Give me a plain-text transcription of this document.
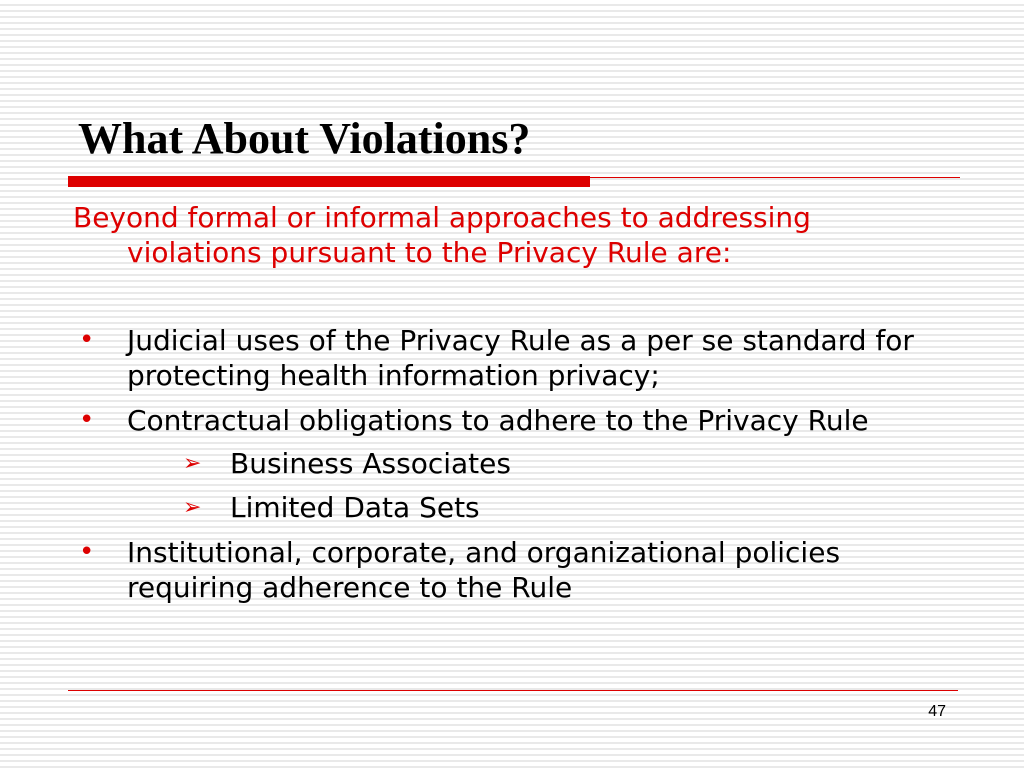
What About Violations?

Beyond formal or informal approaches to addressing violations pursuant to the Privacy Rule are:

• Judicial uses of the Privacy Rule as a per se standard for protecting health information privacy;
• Contractual obligations to adhere to the Privacy Rule
➢ Business Associates
➢ Limited Data Sets
• Institutional, corporate, and organizational policies requiring adherence to the Rule
47
